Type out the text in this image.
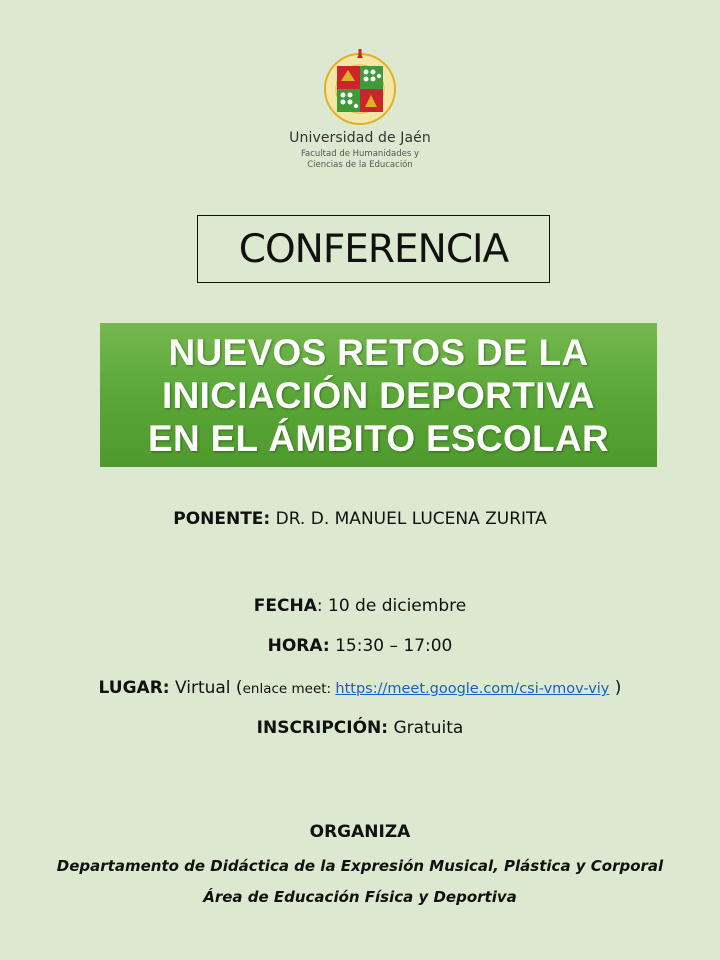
Universidad de Jaén
Facultad de Humanidades y
Ciencias de la Educación
CONFERENCIA
NUEVOS RETOS DE LA
INICIACIÓN DEPORTIVA
EN EL ÁMBITO ESCOLAR
PONENTE: DR. D. MANUEL LUCENA ZURITA
FECHA: 10 de diciembre
HORA: 15:30 – 17:00
LUGAR: Virtual (enlace meet: https://meet.google.com/csi-vmov-viy )
INSCRIPCIÓN: Gratuita
ORGANIZA
Departamento de Didáctica de la Expresión Musical, Plástica y Corporal
Área de Educación Física y Deportiva
